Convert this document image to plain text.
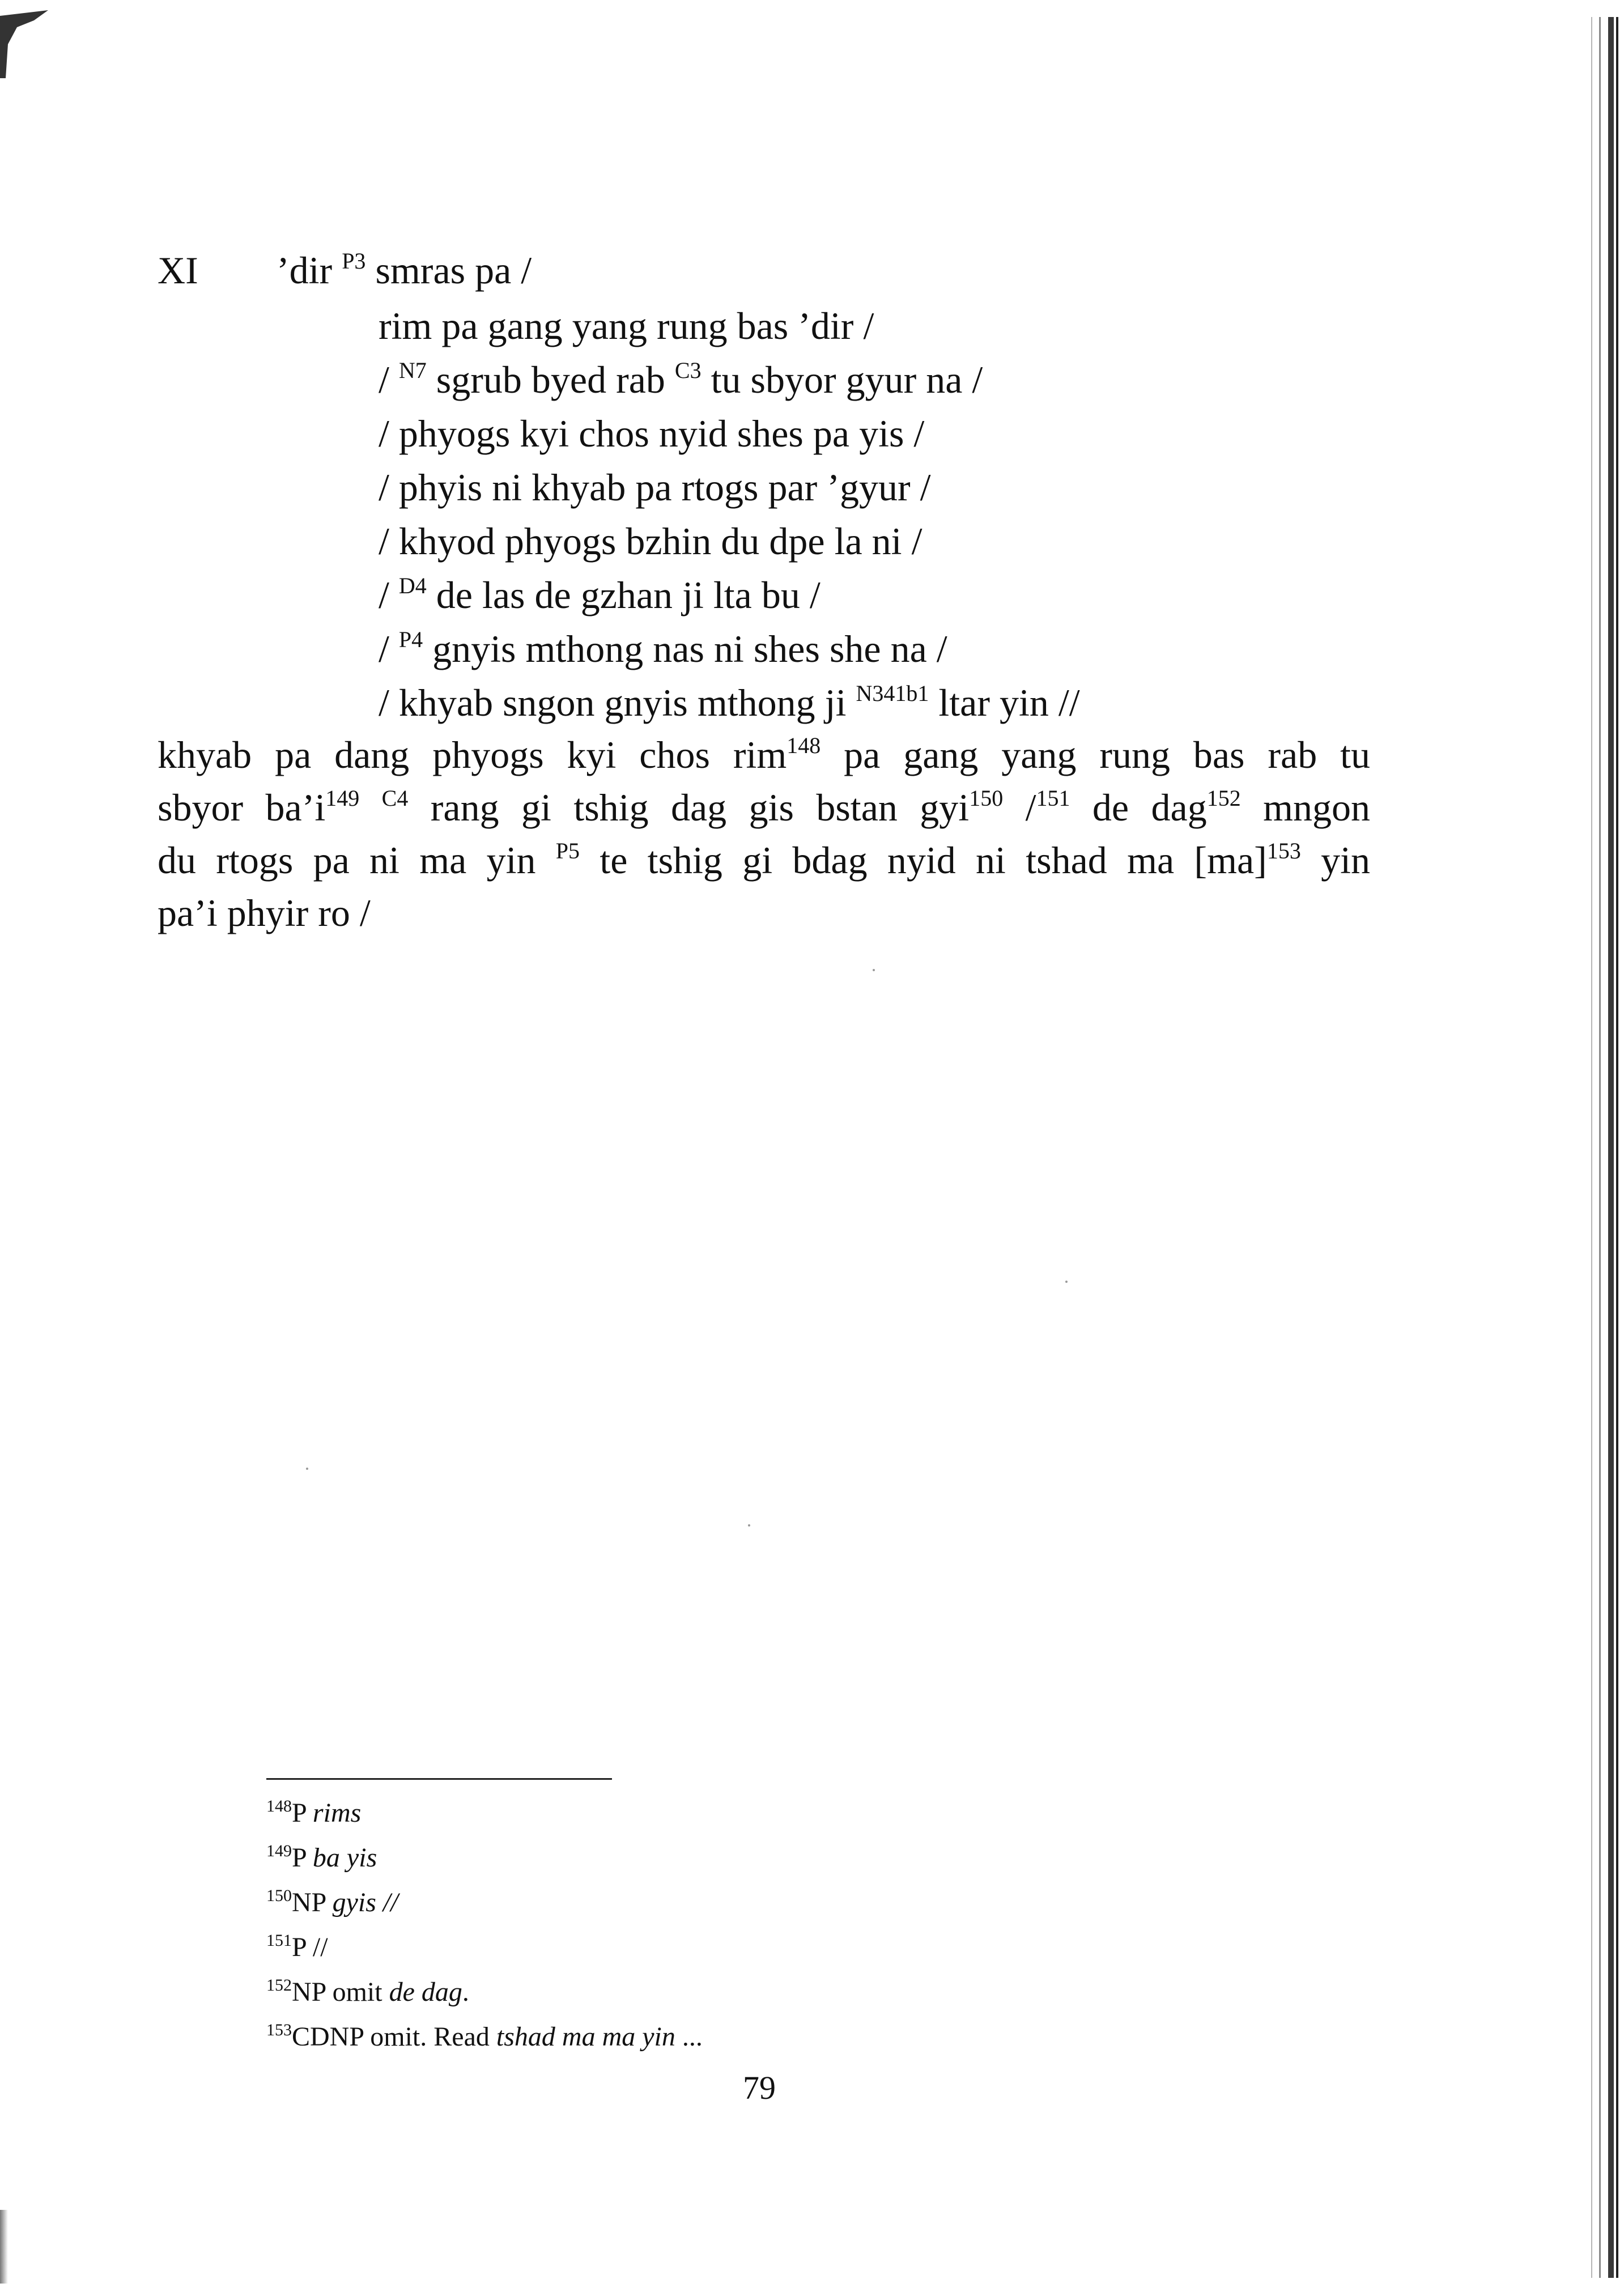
XI ’dir $^{P3}$ smras pa /
rim pa gang yang rung bas ’dir /
/ $^{N7}$ sgrub byed rab $^{C3}$ tu sbyor gyur na /
/ phyogs kyi chos nyid shes pa yis /
/ phyis ni khyab pa rtogs par ’gyur /
/ khyod phyogs bzhin du dpe la ni /
/ $^{D4}$ de las de gzhan ji lta bu /
/ $^{P4}$ gnyis mthong nas ni shes she na /
/ khyab sngon gnyis mthong ji $^{N341b1}$ ltar yin //
khyab pa dang phyogs kyi chos rim$^{148}$ pa gang yang rung bas rab tu
sbyor $ba’i^{149}$ $^{C4}$ rang gi tshig dag gis bstan gyi$^{150}$ /$^{151}$ de dag$^{152}$ mngon
du rtogs pa ni ma yin $^{P5}$ te tshig gi bdag nyid ni tshad ma [ma]$^{153}$ yin
pa’i phyir ro /
$^{148}$P rims
$^{149}$P ba yis
$^{150}$NP gyis //
$^{151}$P //
$^{152}$NP omit de dag.
$^{153}$CDNP omit. Read tshad ma ma yin ...
79
